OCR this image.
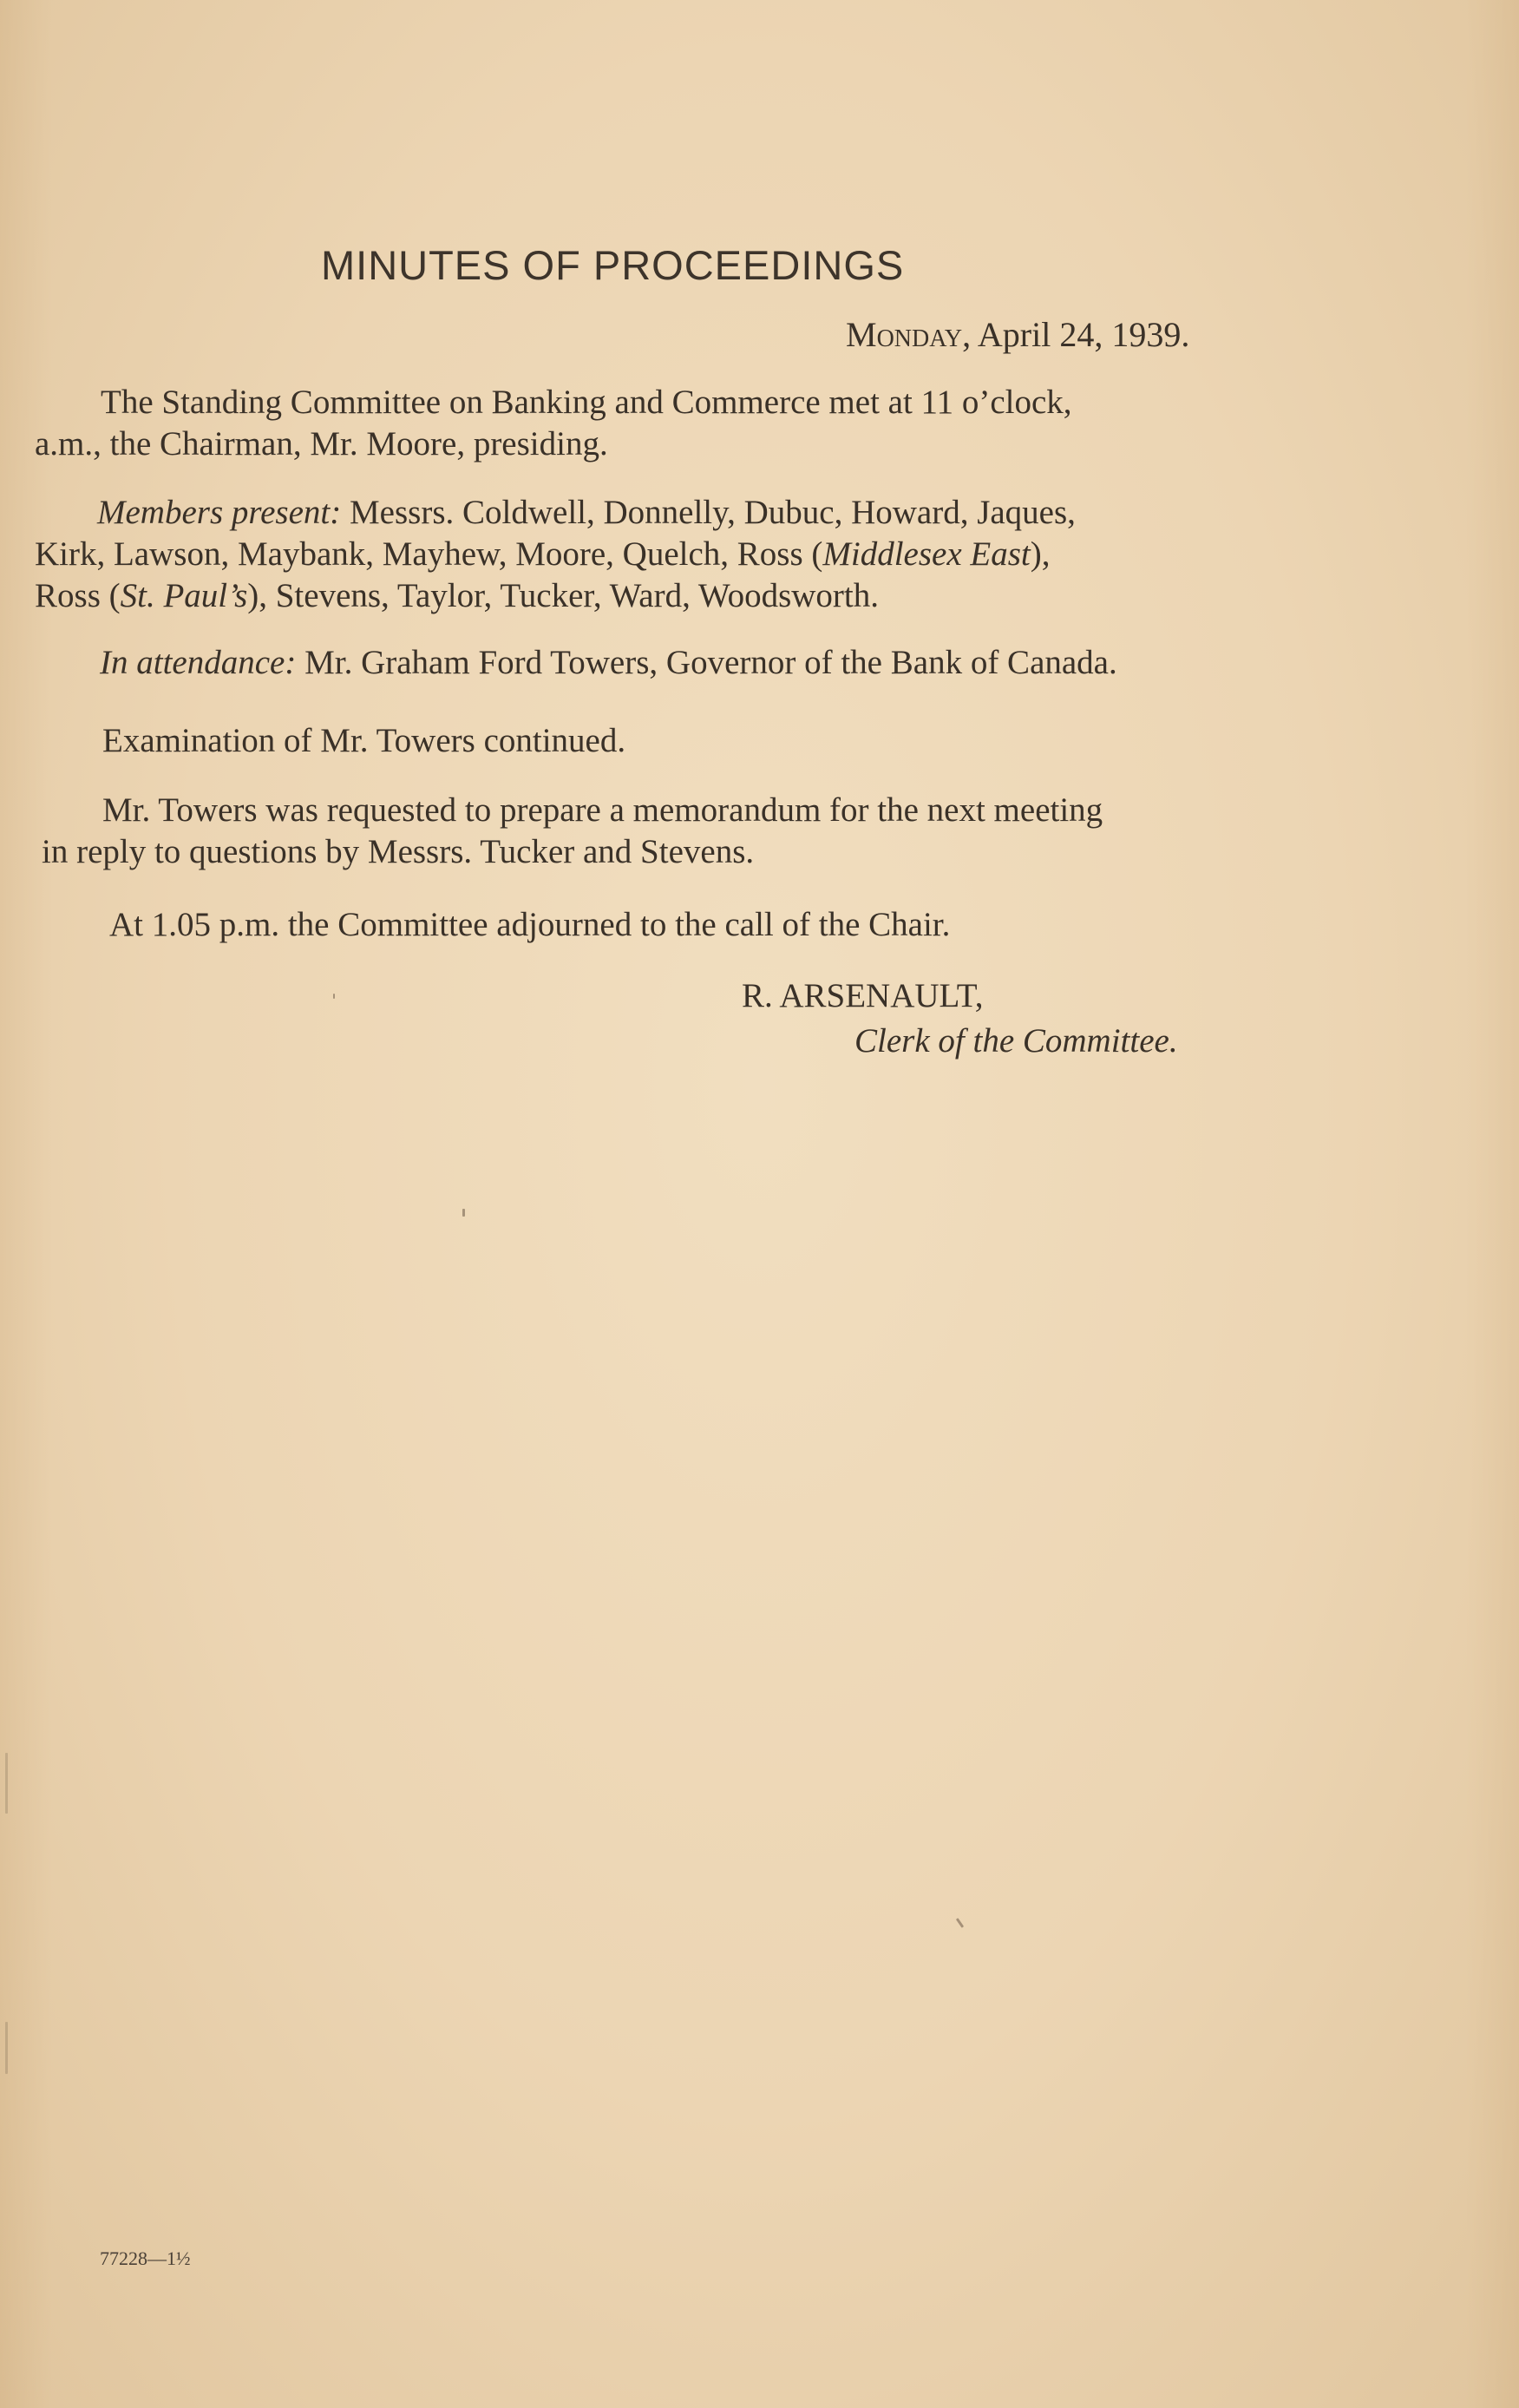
MINUTES OF PROCEEDINGS
Monday, April 24, 1939.
The Standing Committee on Banking and Commerce met at 11 o’clock,
a.m., the Chairman, Mr. Moore, presiding.
Members present: Messrs. Coldwell, Donnelly, Dubuc, Howard, Jaques,
Kirk, Lawson, Maybank, Mayhew, Moore, Quelch, Ross (Middlesex East),
Ross (St. Paul’s), Stevens, Taylor, Tucker, Ward, Woodsworth.
In attendance: Mr. Graham Ford Towers, Governor of the Bank of Canada.
Examination of Mr. Towers continued.
Mr. Towers was requested to prepare a memorandum for the next meeting
in reply to questions by Messrs. Tucker and Stevens.
At 1.05 p.m. the Committee adjourned to the call of the Chair.
R. ARSENAULT,
Clerk of the Committee.
77228—1½
